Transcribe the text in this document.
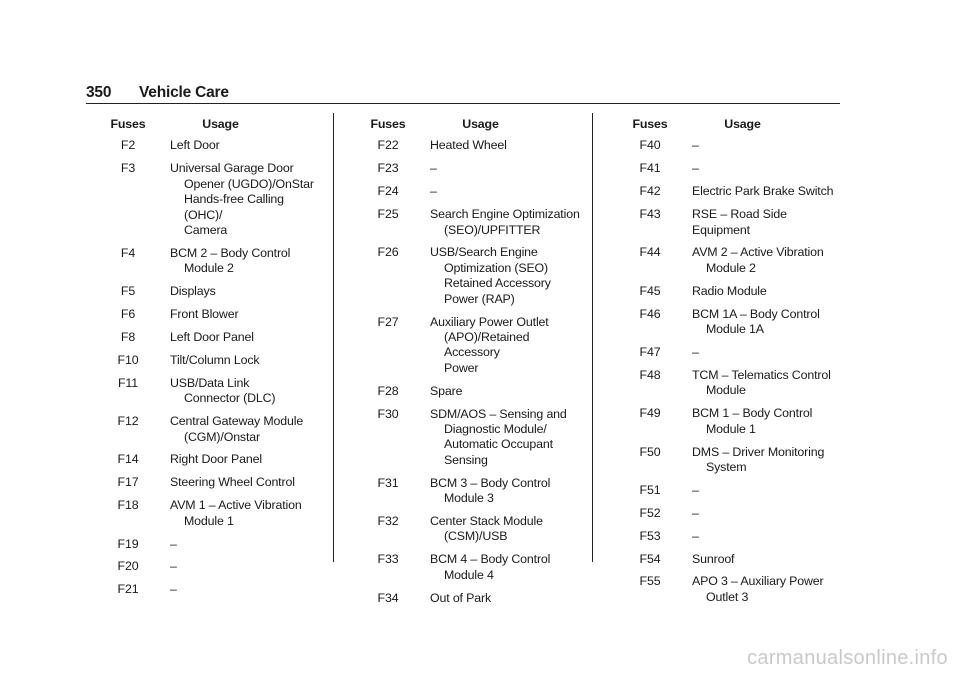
350 Vehicle Care
Fuses	Usage
F2	Left Door
F3	Universal Garage Door
Opener (UGDO)/OnStar
Hands-free Calling (OHC)/
Camera
F4	BCM 2 – Body Control
Module 2
F5	Displays
F6	Front Blower
F8	Left Door Panel
F10	Tilt/Column Lock
F11	USB/Data Link
Connector (DLC)
F12	Central Gateway Module
(CGM)/Onstar
F14	Right Door Panel
F17	Steering Wheel Control
F18	AVM 1 – Active Vibration
Module 1
F19	–
F20	–
F21	–
Fuses	Usage
F22	Heated Wheel
F23	–
F24	–
F25	Search Engine Optimization
(SEO)/UPFITTER
F26	USB/Search Engine
Optimization (SEO)
Retained Accessory
Power (RAP)
F27	Auxiliary Power Outlet
(APO)/Retained Accessory
Power
F28	Spare
F30	SDM/AOS – Sensing and
Diagnostic Module/
Automatic Occupant
Sensing
F31	BCM 3 – Body Control
Module 3
F32	Center Stack Module
(CSM)/USB
F33	BCM 4 – Body Control
Module 4
F34	Out of Park
Fuses	Usage
F40	–
F41	–
F42	Electric Park Brake Switch
F43	RSE – Road Side Equipment
F44	AVM 2 – Active Vibration
Module 2
F45	Radio Module
F46	BCM 1A – Body Control
Module 1A
F47	–
F48	TCM – Telematics Control
Module
F49	BCM 1 – Body Control
Module 1
F50	DMS – Driver Monitoring
System
F51	–
F52	–
F53	–
F54	Sunroof
F55	APO 3 – Auxiliary Power
Outlet 3
carmanualsonline.info
